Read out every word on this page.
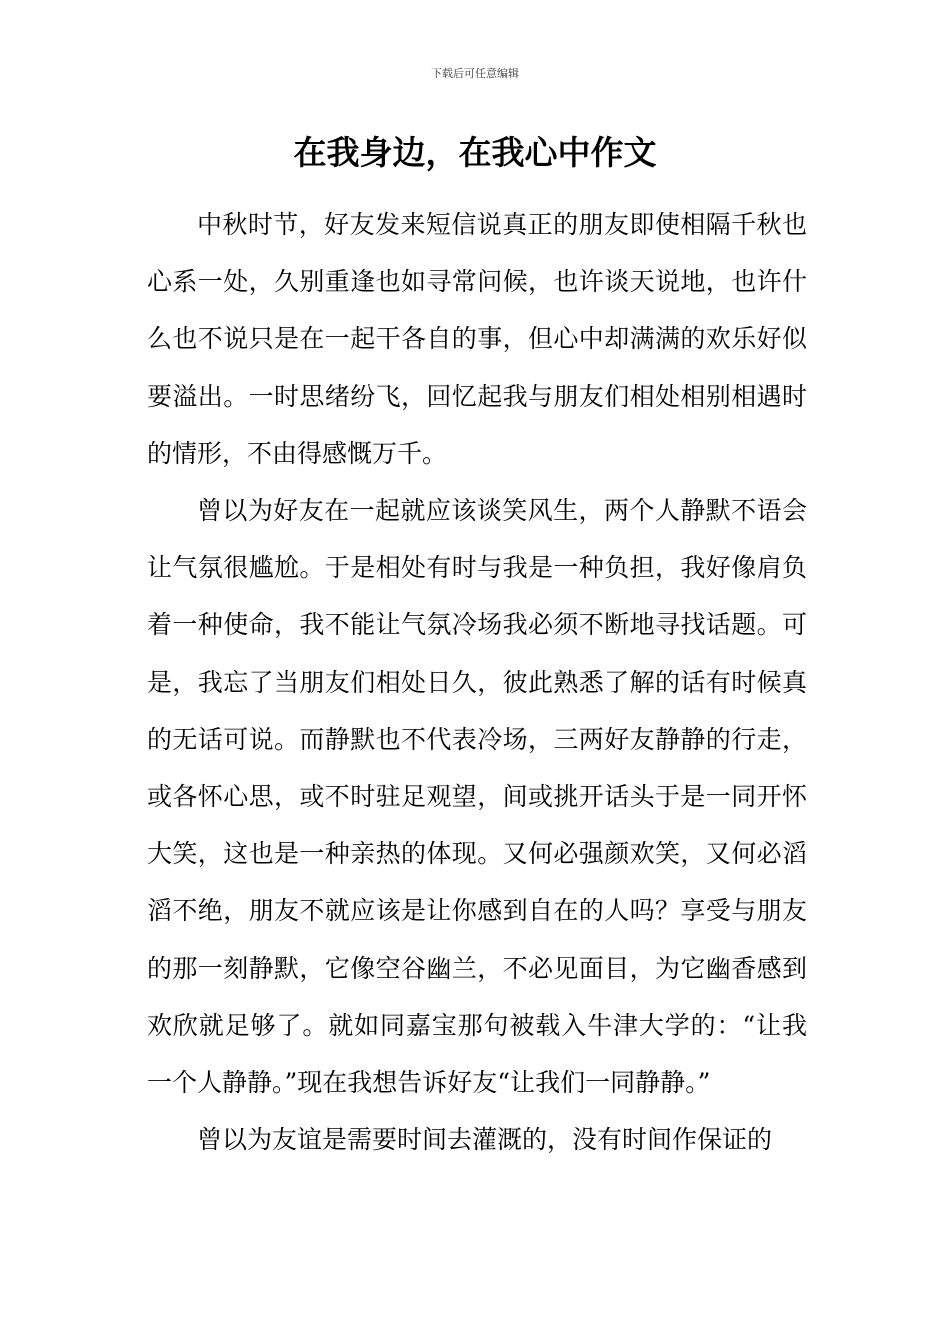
下载后可任意编辑
在我身边，在我心中作文

中秋时节，好友发来短信说真正的朋友即使相隔千秋也心系一处，久别重逢也如寻常问候，也许谈天说地，也许什么也不说只是在一起干各自的事，但心中却满满的欢乐好似要溢出。一时思绪纷飞，回忆起我与朋友们相处相别相遇时的情形，不由得感慨万千。

曾以为好友在一起就应该谈笑风生，两个人静默不语会让气氛很尴尬。于是相处有时与我是一种负担，我好像肩负着一种使命，我不能让气氛冷场我必须不断地寻找话题。可是，我忘了当朋友们相处日久，彼此熟悉了解的话有时候真的无话可说。而静默也不代表冷场，三两好友静静的行走，或各怀心思，或不时驻足观望，间或挑开话头于是一同开怀大笑，这也是一种亲热的体现。又何必强颜欢笑，又何必滔滔不绝，朋友不就应该是让你感到自在的人吗？享受与朋友的那一刻静默，它像空谷幽兰，不必见面目，为它幽香感到欢欣就足够了。就如同嘉宝那句被载入牛津大学的：“让我一个人静静。”现在我想告诉好友“让我们一同静静。”

曾以为友谊是需要时间去灌溉的，没有时间作保证的
